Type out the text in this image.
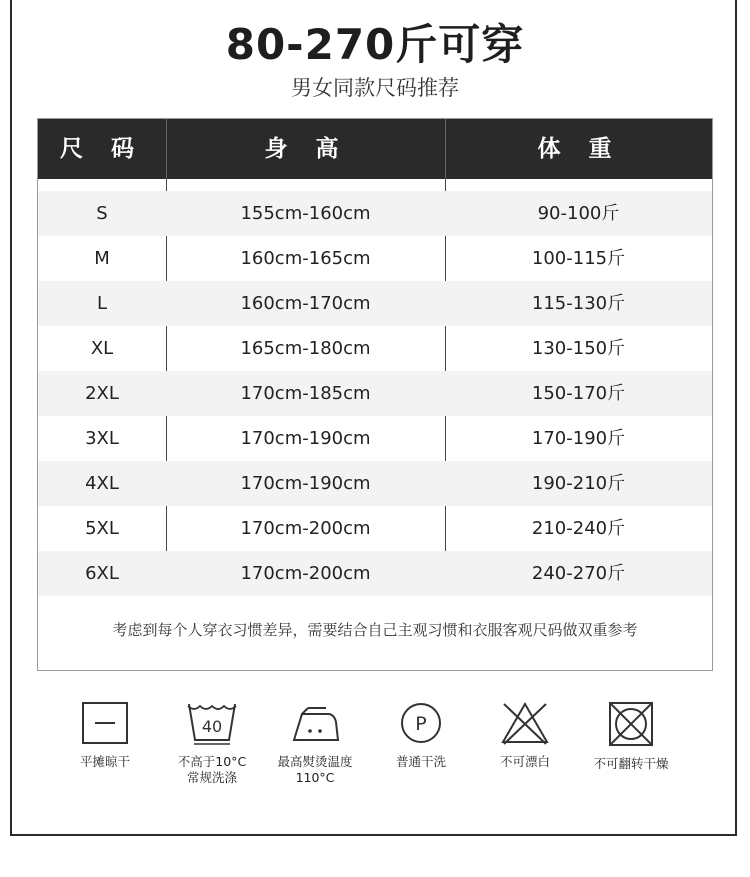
80-270斤可穿
男女同款尺码推荐
尺 码	身 高	体 重
S	155cm-160cm	90-100斤
M	160cm-165cm	100-115斤
L	160cm-170cm	115-130斤
XL	165cm-180cm	130-150斤
2XL	170cm-185cm	150-170斤
3XL	170cm-190cm	170-190斤
4XL	170cm-190cm	190-210斤
5XL	170cm-200cm	210-240斤
6XL	170cm-200cm	240-270斤
考虑到每个人穿衣习惯差异，需要结合自己主观习惯和衣服客观尺码做双重参考
平摊晾干
40
不高于10°C
常规洗涤
最高熨烫温度
110°C
P
普通干洗	不可漂白	不可翻转干燥
